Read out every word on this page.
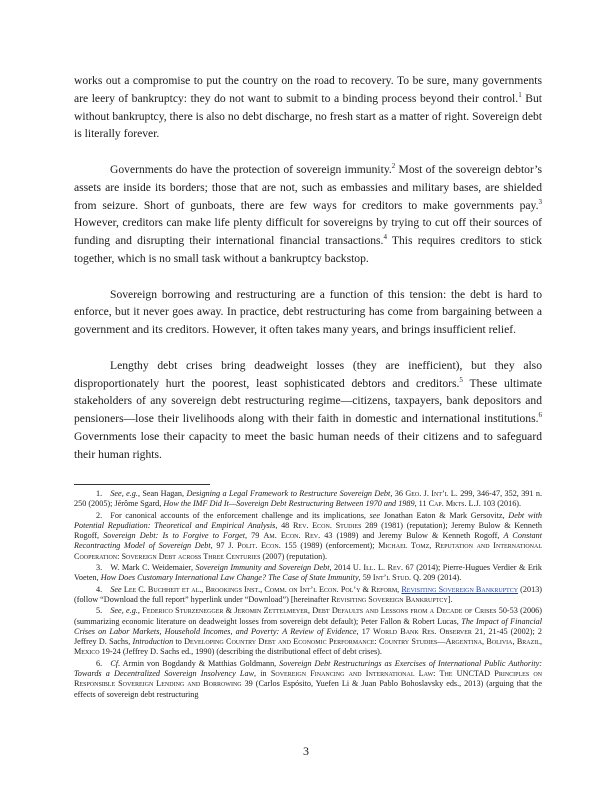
works out a compromise to put the country on the road to recovery. To be sure, many governments are leery of bankruptcy: they do not want to submit to a binding process beyond their control.$^1$ But without bankruptcy, there is also no debt discharge, no fresh start as a matter of right. Sovereign debt is literally forever.

Governments do have the protection of sovereign immunity.$^2$ Most of the sovereign debtor’s assets are inside its borders; those that are not, such as embassies and military bases, are shielded from seizure. Short of gunboats, there are few ways for creditors to make governments pay.$^3$ However, creditors can make life plenty difficult for sovereigns by trying to cut off their sources of funding and disrupting their international financial transactions.$^4$ This requires creditors to stick together, which is no small task without a bankruptcy backstop.

Sovereign borrowing and restructuring are a function of this tension: the debt is hard to enforce, but it never goes away. In practice, debt restructuring has come from bargaining between a government and its creditors. However, it often takes many years, and brings insufficient relief.

Lengthy debt crises bring deadweight losses (they are inefficient), but they also disproportionately hurt the poorest, least sophisticated debtors and creditors.$^5$ These ultimate stakeholders of any sovereign debt restructuring regime—citizens, taxpayers, bank depositors and pensioners—lose their livelihoods along with their faith in domestic and international institutions.$^6$ Governments lose their capacity to meet the basic human needs of their citizens and to safeguard their human rights.

1. See, e.g., Sean Hagan, Designing a Legal Framework to Restructure Sovereign Debt, 36 Geo. J. Int’l L. 299, 346-47, 352, 391 n. 250 (2005); Jérôme Sgard, How the IMF Did It—Sovereign Debt Restructuring Between 1970 and 1989, 11 Cap. Mkts. L.J. 103 (2016).

2. For canonical accounts of the enforcement challenge and its implications, see Jonathan Eaton & Mark Gersovitz, Debt with Potential Repudiation: Theoretical and Empirical Analysis, 48 Rev. Econ. Studies 289 (1981) (reputation); Jeremy Bulow & Kenneth Rogoff, Sovereign Debt: Is to Forgive to Forget, 79 Am. Econ. Rev. 43 (1989) and Jeremy Bulow & Kenneth Rogoff, A Constant Recontracting Model of Sovereign Debt, 97 J. Polit. Econ. 155 (1989) (enforcement); Michael Tomz, Reputation and International Cooperation: Sovereign Debt across Three Centuries (2007) (reputation).

3. W. Mark C. Weidemaier, Sovereign Immunity and Sovereign Debt, 2014 U. Ill. L. Rev. 67 (2014); Pierre-Hugues Verdier & Erik Voeten, How Does Customary International Law Change? The Case of State Immunity, 59 Int’l Stud. Q. 209 (2014).

4. See Lee C. Buchheit et al., Brookings Inst., Comm. on Int’l Econ. Pol’y & Reform, Revisiting Sovereign Bankruptcy (2013) (follow “Download the full report” hyperlink under “Download”) [hereinafter Revisiting Sovereign Bankruptcy].

5. See, e.g., Federico Sturzenegger & Jeromin Zettelmeyer, Debt Defaults and Lessons from a Decade of Crises 50-53 (2006) (summarizing economic literature on deadweight losses from sovereign debt default); Peter Fallon & Robert Lucas, The Impact of Financial Crises on Labor Markets, Household Incomes, and Poverty: A Review of Evidence, 17 World Bank Res. Observer 21, 21-45 (2002); 2 Jeffrey D. Sachs, Introduction to Developing Country Debt and Economic Performance: Country Studies—Argentina, Bolivia, Brazil, Mexico 19-24 (Jeffrey D. Sachs ed., 1990) (describing the distributional effect of debt crises).

6. Cf. Armin von Bogdandy & Matthias Goldmann, Sovereign Debt Restructurings as Exercises of International Public Authority: Towards a Decentralized Sovereign Insolvency Law, in Sovereign Financing and International Law: The UNCTAD Principles on Responsible Sovereign Lending and Borrowing 39 (Carlos Espósito, Yuefen Li & Juan Pablo Bohoslavsky eds., 2013) (arguing that the effects of sovereign debt restructuring

3
